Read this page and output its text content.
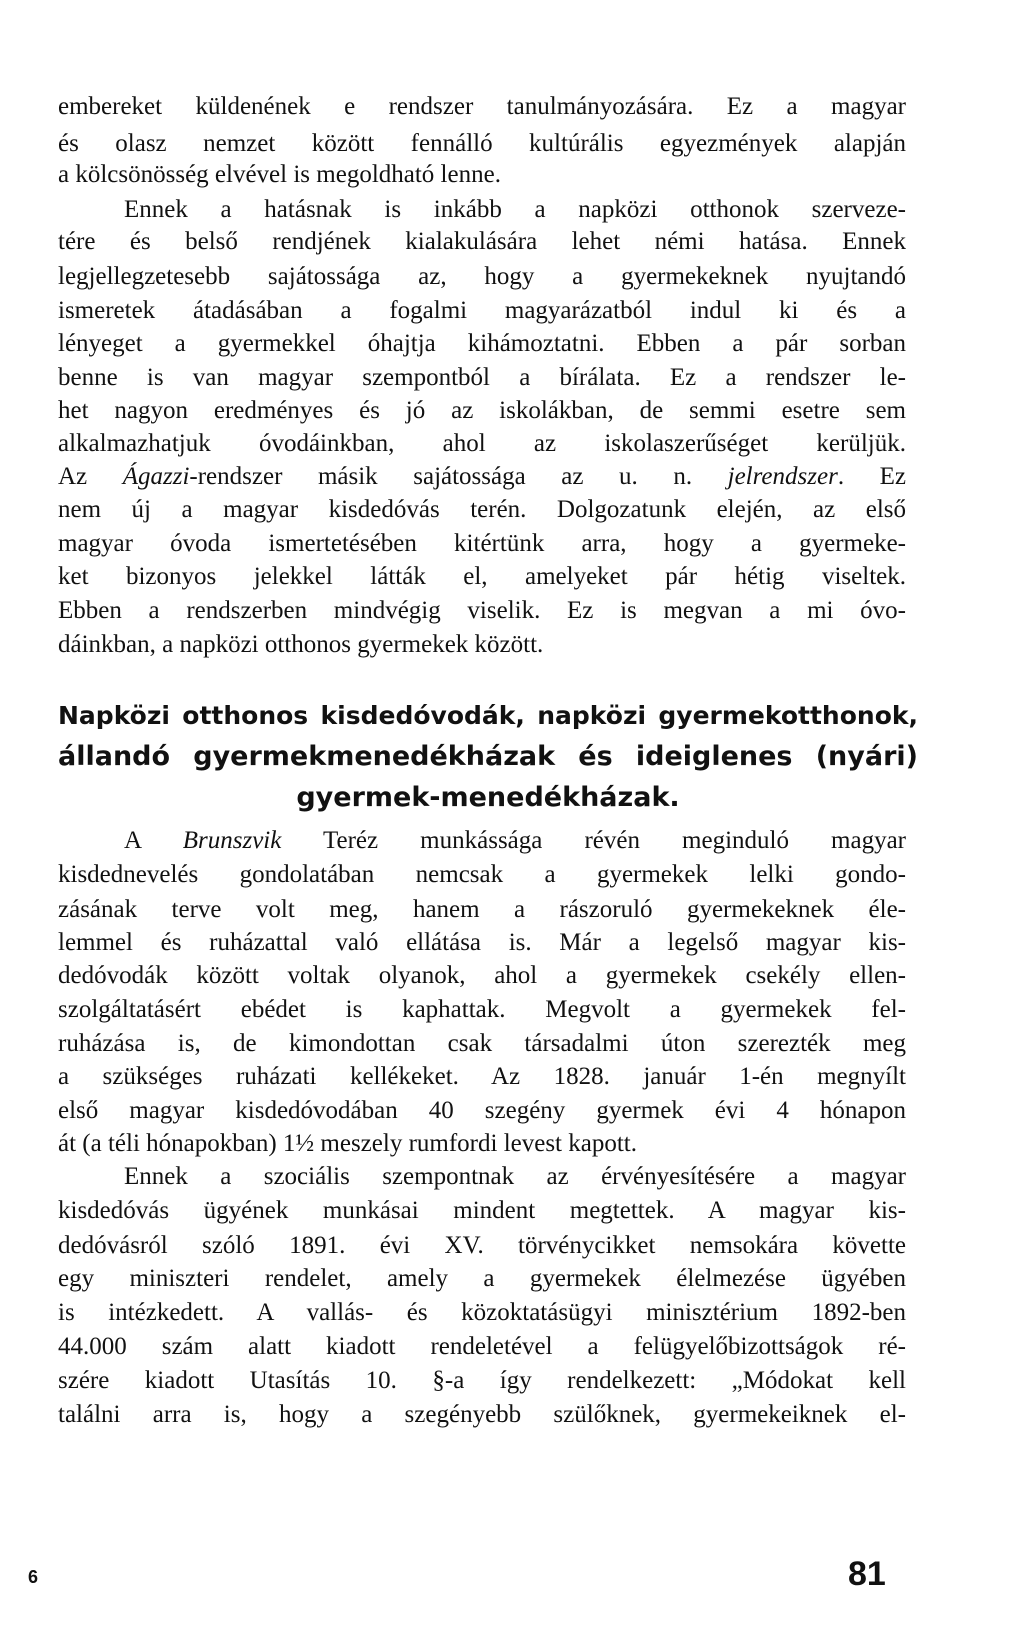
embereket küldenének e rendszer tanulmányozására. Ez a magyar
és olasz nemzet között fennálló kultúrális egyezmények alapján
a kölcsönösség elvével is megoldható lenne.
Ennek a hatásnak is inkább a napközi otthonok szerveze-
tére és belső rendjének kialakulására lehet némi hatása. Ennek
legjellegzetesebb sajátossága az, hogy a gyermekeknek nyujtandó
ismeretek átadásában a fogalmi magyarázatból indul ki és a
lényeget a gyermekkel óhajtja kihámoztatni. Ebben a pár sorban
benne is van magyar szempontból a bírálata. Ez a rendszer le-
het nagyon eredményes és jó az iskolákban, de semmi esetre sem
alkalmazhatjuk óvodáinkban, ahol az iskolaszerűséget kerüljük.
Az Ágazzi-rendszer másik sajátossága az u. n. jelrendszer. Ez
nem új a magyar kisdedóvás terén. Dolgozatunk elején, az első
magyar óvoda ismertetésében kitértünk arra, hogy a gyermeke-
ket bizonyos jelekkel látták el, amelyeket pár hétig viseltek.
Ebben a rendszerben mindvégig viselik. Ez is megvan a mi óvo-
dáinkban, a napközi otthonos gyermekek között.
Napközi otthonos kisdedóvodák, napközi gyermekotthonok,
állandó gyermekmenedékházak és ideiglenes (nyári)
gyermek-menedékházak.
A Brunszvik Teréz munkássága révén meginduló magyar
kisdednevelés gondolatában nemcsak a gyermekek lelki gondo-
zásának terve volt meg, hanem a rászoruló gyermekeknek éle-
lemmel és ruházattal való ellátása is. Már a legelső magyar kis-
dedóvodák között voltak olyanok, ahol a gyermekek csekély ellen-
szolgáltatásért ebédet is kaphattak. Megvolt a gyermekek fel-
ruházása is, de kimondottan csak társadalmi úton szerezték meg
a szükséges ruházati kellékeket. Az 1828. január 1-én megnyílt
első magyar kisdedóvodában 40 szegény gyermek évi 4 hónapon
át (a téli hónapokban) 1½ meszely rumfordi levest kapott.
Ennek a szociális szempontnak az érvényesítésére a magyar
kisdedóvás ügyének munkásai mindent megtettek. A magyar kis-
dedóvásról szóló 1891. évi XV. törvénycikket nemsokára követte
egy miniszteri rendelet, amely a gyermekek élelmezése ügyében
is intézkedett. A vallás- és közoktatásügyi minisztérium 1892-ben
44.000 szám alatt kiadott rendeletével a felügyelőbizottságok ré-
szére kiadott Utasítás 10. §-a így rendelkezett: „Módokat kell
találni arra is, hogy a szegényebb szülőknek, gyermekeiknek el-
6	81
